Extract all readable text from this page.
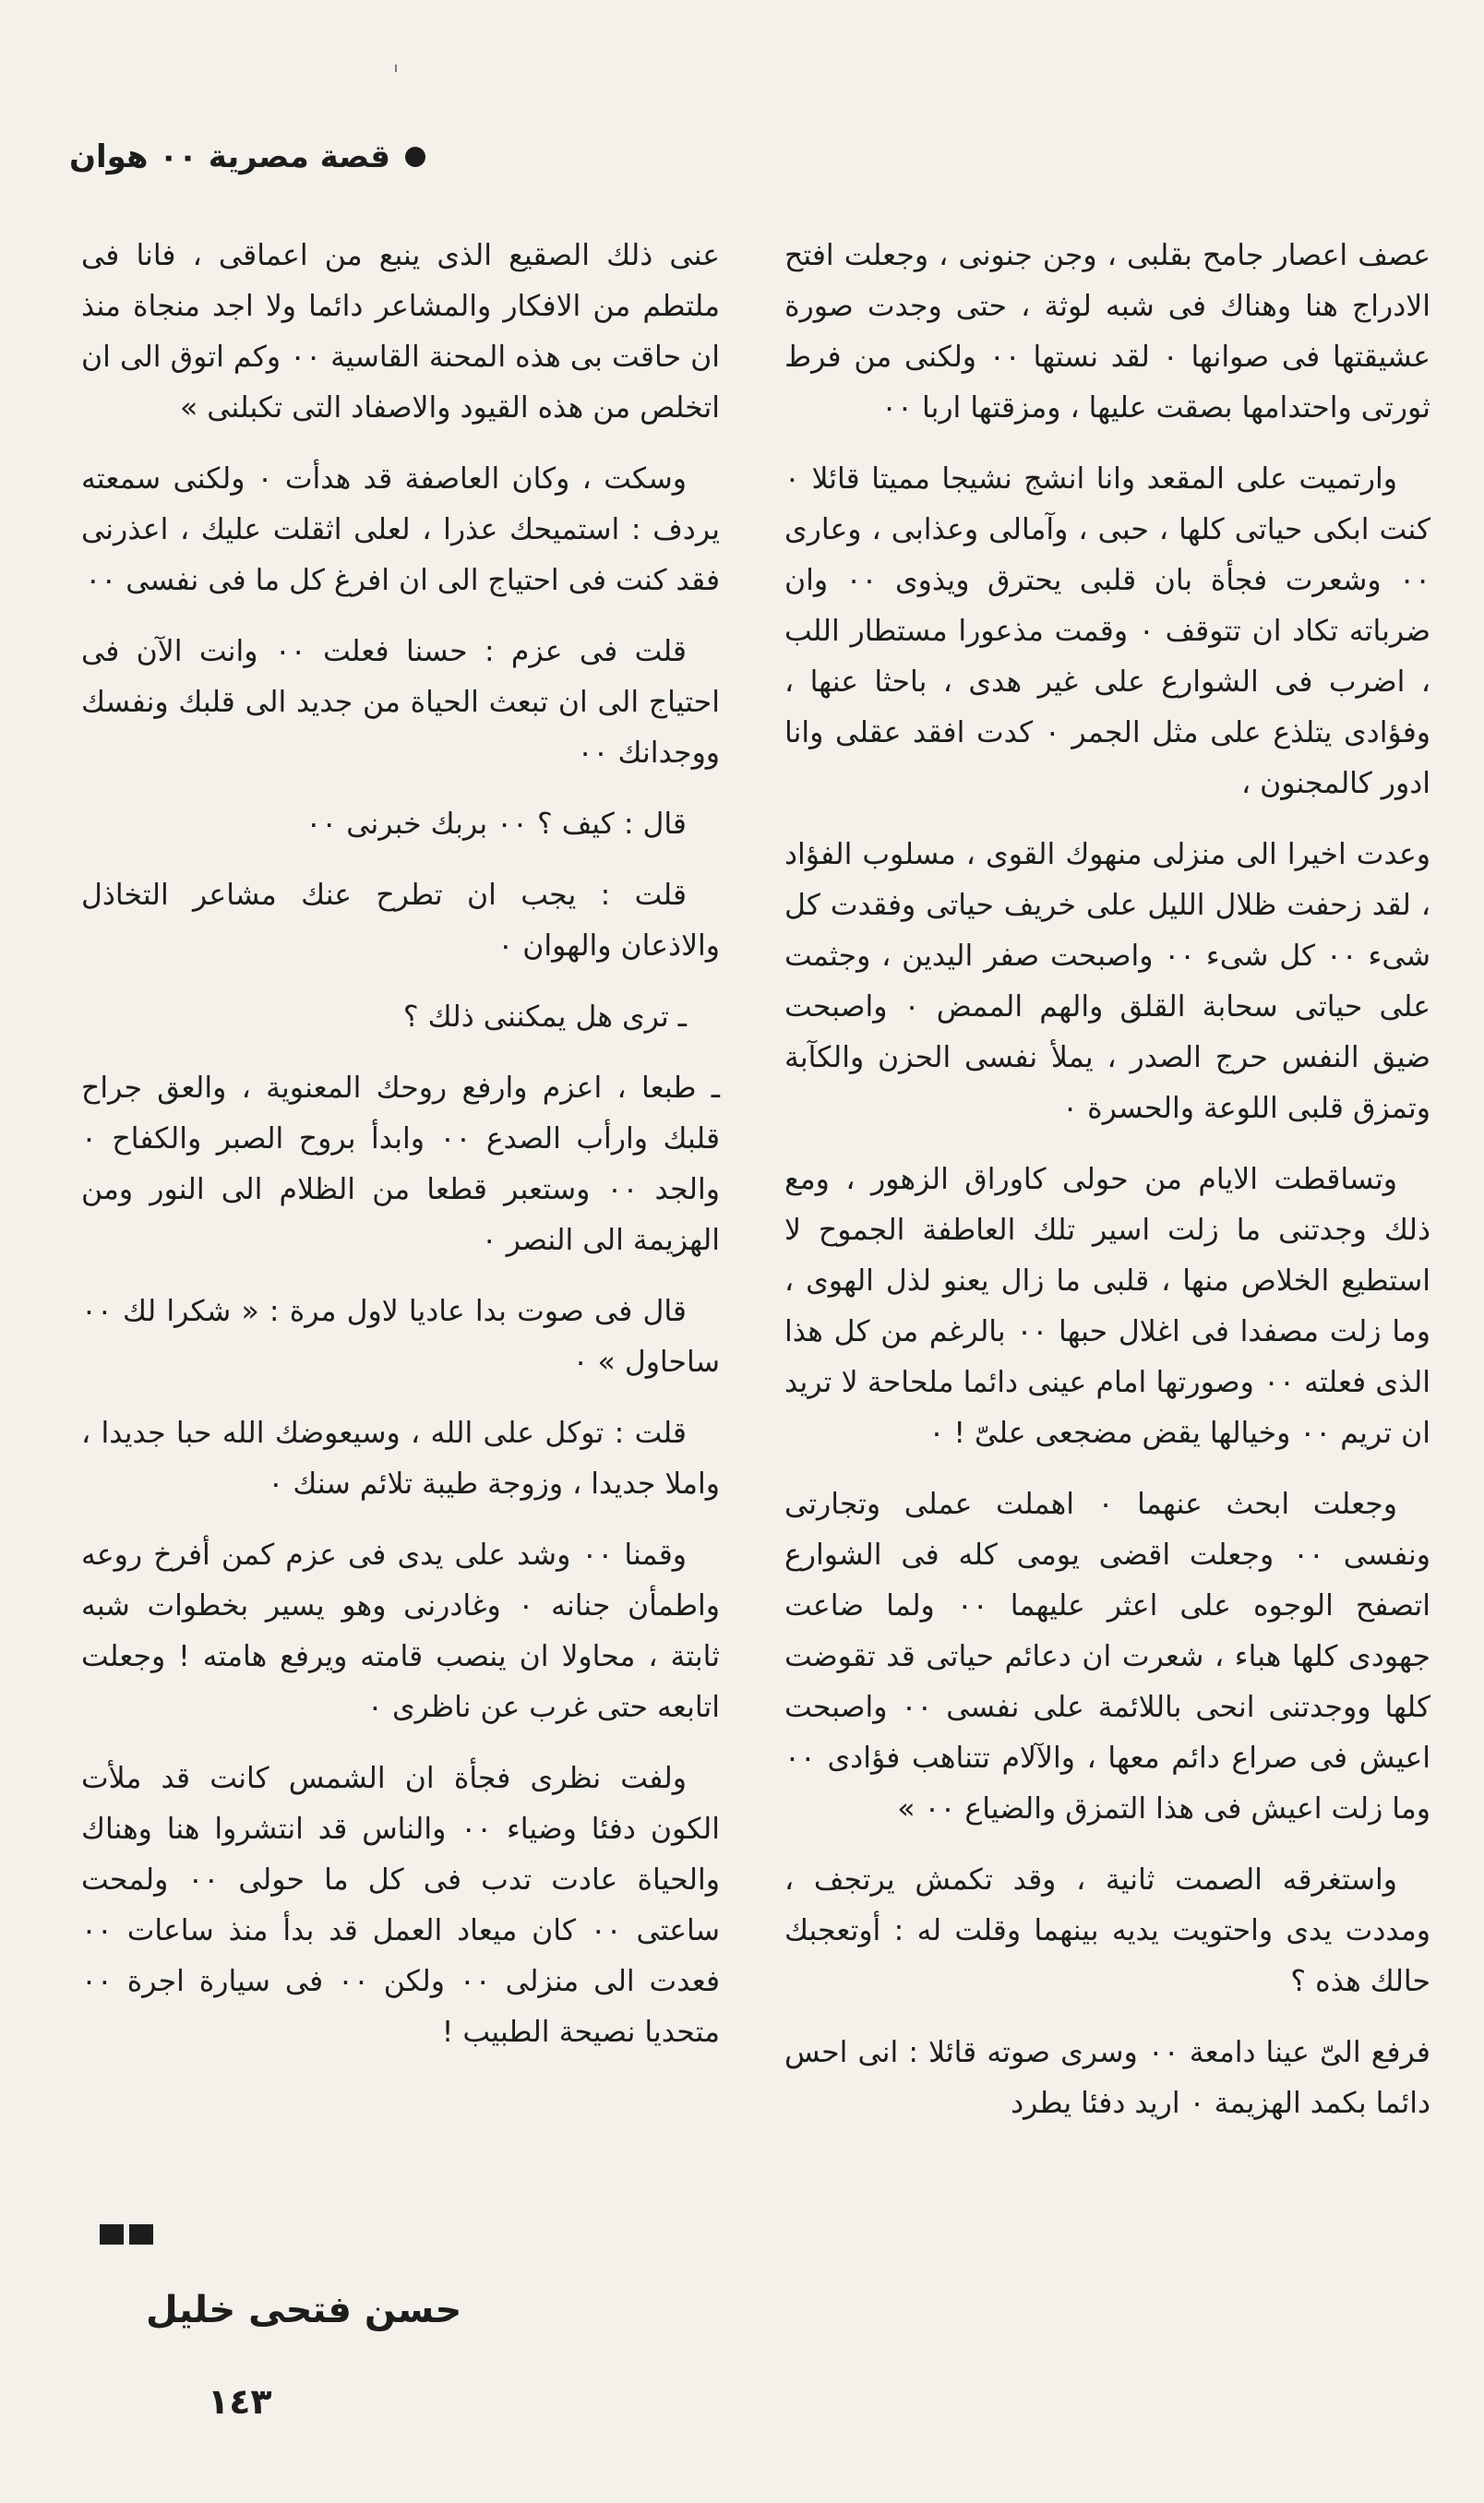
قصة مصرية ٠٠ هوان

عصف اعصار جامح بقلبى ، وجن جنونى ، وجعلت افتح الادراج هنا وهناك فى شبه لوثة ، حتى وجدت صورة عشيقتها فى صوانها ٠ لقد نستها ٠٠ ولكنى من فرط ثورتى واحتدامها بصقت عليها ، ومزقتها اربا ٠٠

وارتميت على المقعد وانا انشج نشيجا مميتا قائلا ٠ كنت ابكى حياتى كلها ، حبى ، وآمالى وعذابى ، وعارى ٠٠ وشعرت فجأة بان قلبى يحترق ويذوى ٠٠ وان ضرباته تكاد ان تتوقف ٠ وقمت مذعورا مستطار اللب ، اضرب فى الشوارع على غير هدى ، باحثا عنها ، وفؤادى يتلذع على مثل الجمر ٠ كدت افقد عقلى وانا ادور كالمجنون ،

وعدت اخيرا الى منزلى منهوك القوى ، مسلوب الفؤاد ، لقد زحفت ظلال الليل على خريف حياتى وفقدت كل شىء ٠٠ كل شىء ٠٠ واصبحت صفر اليدين ، وجثمت على حياتى سحابة القلق والهم الممض ٠ واصبحت ضيق النفس حرج الصدر ، يملأ نفسى الحزن والكآبة وتمزق قلبى اللوعة والحسرة ٠

وتساقطت الايام من حولى كاوراق الزهور ، ومع ذلك وجدتنى ما زلت اسير تلك العاطفة الجموح لا استطيع الخلاص منها ، قلبى ما زال يعنو لذل الهوى ، وما زلت مصفدا فى اغلال حبها ٠٠ بالرغم من كل هذا الذى فعلته ٠٠ وصورتها امام عينى دائما ملحاحة لا تريد ان تريم ٠٠ وخيالها يقض مضجعى علىّ ! ٠

وجعلت ابحث عنهما ٠ اهملت عملى وتجارتى ونفسى ٠٠ وجعلت اقضى يومى كله فى الشوارع اتصفح الوجوه على اعثر عليهما ٠٠ ولما ضاعت جهودى كلها هباء ، شعرت ان دعائم حياتى قد تقوضت كلها ووجدتنى انحى باللائمة على نفسى ٠٠ واصبحت اعيش فى صراع دائم معها ، والآلام تتناهب فؤادى ٠٠ وما زلت اعيش فى هذا التمزق والضياع ٠٠ »

واستغرقه الصمت ثانية ، وقد تكمش يرتجف ، ومددت يدى واحتويت يديه بينهما وقلت له : أوتعجبك حالك هذه ؟

فرفع الىّ عينا دامعة ٠٠ وسرى صوته قائلا : انى احس دائما بكمد الهزيمة ٠ اريد دفئا يطرد

عنى ذلك الصقيع الذى ينبع من اعماقى ، فانا فى ملتطم من الافكار والمشاعر دائما ولا اجد منجاة منذ ان حاقت بى هذه المحنة القاسية ٠٠ وكم اتوق الى ان اتخلص من هذه القيود والاصفاد التى تكبلنى »

وسكت ، وكان العاصفة قد هدأت ٠ ولكنى سمعته يردف : استميحك عذرا ، لعلى اثقلت عليك ، اعذرنى فقد كنت فى احتياج الى ان افرغ كل ما فى نفسى ٠٠

قلت فى عزم : حسنا فعلت ٠٠ وانت الآن فى احتياج الى ان تبعث الحياة من جديد الى قلبك ونفسك ووجدانك ٠٠

قال : كيف ؟ ٠٠ بربك خبرنى ٠٠

قلت : يجب ان تطرح عنك مشاعر التخاذل والاذعان والهوان ٠

ـ ترى هل يمكننى ذلك ؟

ـ طبعا ، اعزم وارفع روحك المعنوية ، والعق جراح قلبك وارأب الصدع ٠٠ وابدأ بروح الصبر والكفاح ٠ والجد ٠٠ وستعبر قطعا من الظلام الى النور ومن الهزيمة الى النصر ٠

قال فى صوت بدا عاديا لاول مرة : « شكرا لك ٠٠ ساحاول » ٠

قلت : توكل على الله ، وسيعوضك الله حبا جديدا ، واملا جديدا ، وزوجة طيبة تلائم سنك ٠

وقمنا ٠٠ وشد على يدى فى عزم كمن أفرخ روعه واطمأن جنانه ٠ وغادرنى وهو يسير بخطوات شبه ثابتة ، محاولا ان ينصب قامته ويرفع هامته ! وجعلت اتابعه حتى غرب عن ناظرى ٠

ولفت نظرى فجأة ان الشمس كانت قد ملأت الكون دفئا وضياء ٠٠ والناس قد انتشروا هنا وهناك والحياة عادت تدب فى كل ما حولى ٠٠ ولمحت ساعتى ٠٠ كان ميعاد العمل قد بدأ منذ ساعات ٠٠ فعدت الى منزلى ٠٠ ولكن ٠٠ فى سيارة اجرة ٠٠ متحديا نصيحة الطبيب !

حسن فتحى خليل
١٤٣
